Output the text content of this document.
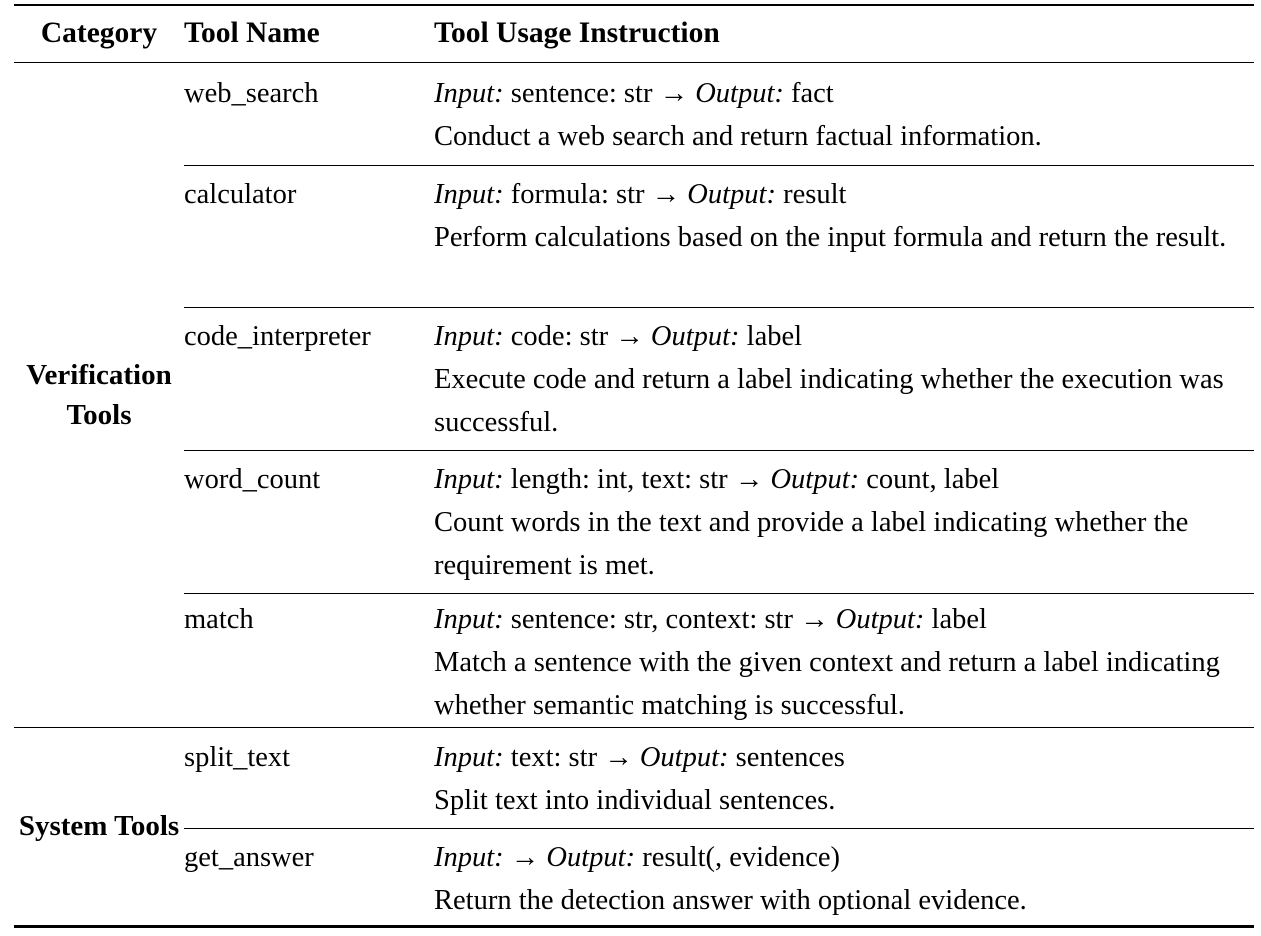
Category	Tool Name	Tool Usage Instruction
Verification Tools	web_search	Input: sentence: str → Output: fact
Conduct a web search and return factual information.

	calculator	Input: formula: str → Output: result
Perform calculations based on the input formula and return the result.

	code_interpreter	Input: code: str → Output: label
Execute code and return a label indicating whether the execution was successful.

	word_count	Input: length: int, text: str → Output: count, label
Count words in the text and provide a label indicating whether the requirement is met.

	match	Input: sentence: str, context: str → Output: label
Match a sentence with the given context and return a label indicating whether semantic matching is successful.

System Tools	split_text	Input: text: str → Output: sentences
Split text into individual sentences.

	get_answer	Input: → Output: result(, evidence)
Return the detection answer with optional evidence.
